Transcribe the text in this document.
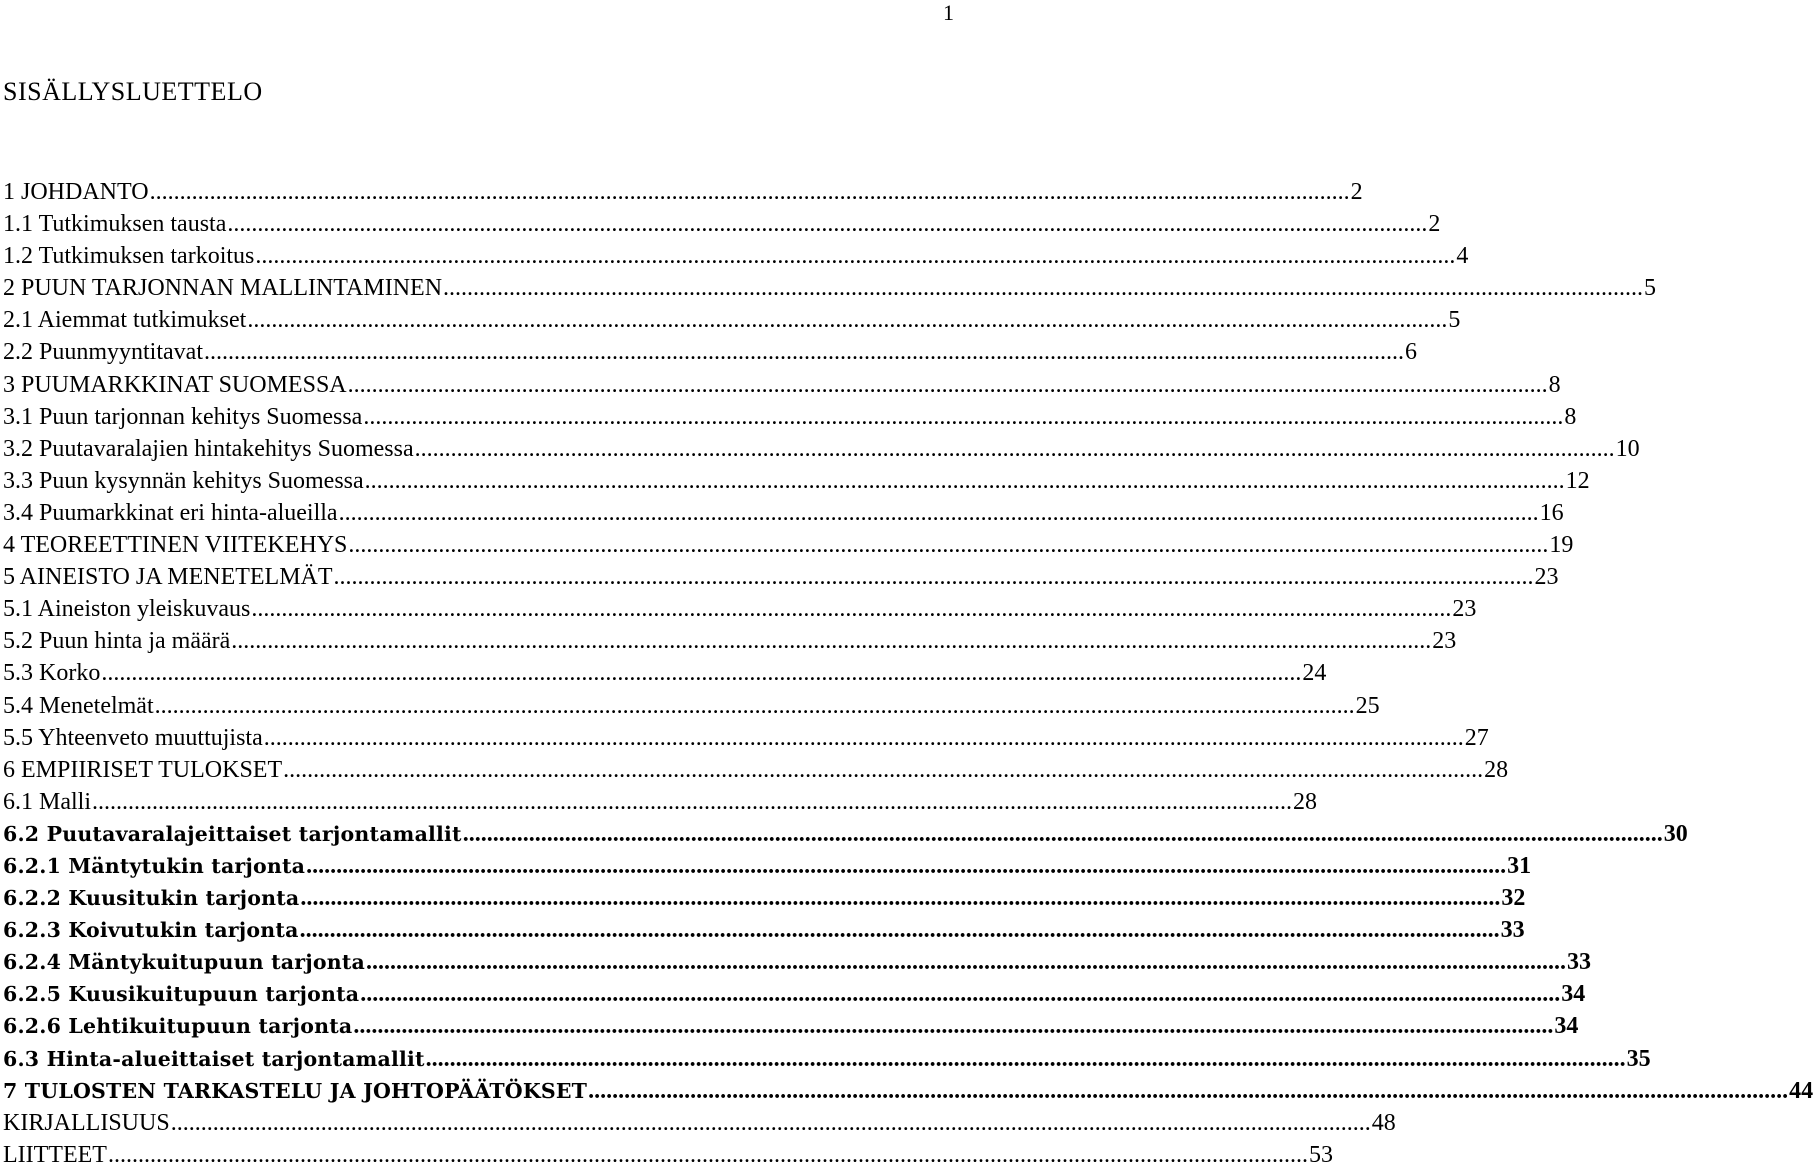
1
SISÄLLYSLUETTELO
1 JOHDANTO .....	2
1.1 Tutkimuksen tausta .....	2
1.2 Tutkimuksen tarkoitus .....	4
2 PUUN TARJONNAN MALLINTAMINEN .....	5
2.1 Aiemmat tutkimukset .....	5
2.2 Puunmyyntitavat .....	6
3 PUUMARKKINAT SUOMESSA .....	8
3.1 Puun tarjonnan kehitys Suomessa .....	8
3.2 Puutavaralajien hintakehitys Suomessa .....	10
3.3 Puun kysynnän kehitys Suomessa .....	12
3.4 Puumarkkinat eri hinta-alueilla .....	16
4 TEOREETTINEN VIITEKEHYS .....	19
5 AINEISTO JA MENETELMÄT .....	23
5.1 Aineiston yleiskuvaus .....	23
5.2 Puun hinta ja määrä .....	23
5.3 Korko .....	24
5.4 Menetelmät .....	25
5.5 Yhteenveto muuttujista .....	27
6 EMPIIRISET TULOKSET .....	28
6.1 Malli .....	28
6.2 Puutavaralajeittaiset tarjontamallit .....	30
6.2.1 Mäntytukin tarjonta .....	31
6.2.2 Kuusitukin tarjonta .....	32
6.2.3 Koivutukin tarjonta .....	33
6.2.4 Mäntykuitupuun tarjonta .....	33
6.2.5 Kuusikuitupuun tarjonta .....	34
6.2.6 Lehtikuitupuun tarjonta .....	34
6.3 Hinta-alueittaiset tarjontamallit .....	35
7 TULOSTEN TARKASTELU JA JOHTOPÄÄTÖKSET .....	44
KIRJALLISUUS .....	48
LIITTEET .....	53
